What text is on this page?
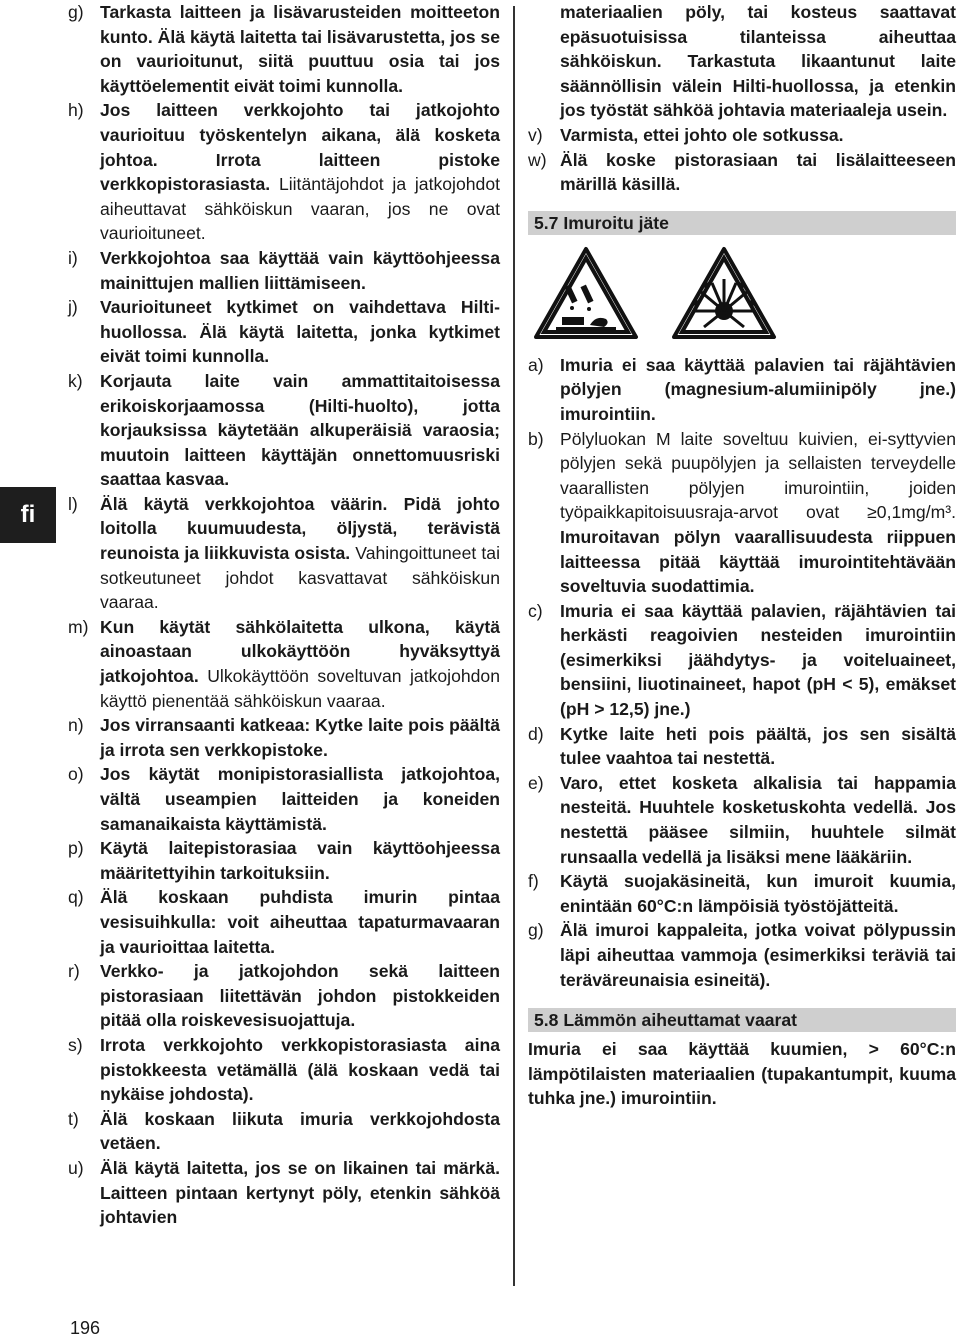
fi
g) Tarkasta laitteen ja lisävarusteiden moitteeton kunto. Älä käytä laitetta tai lisävarustetta, jos se on vaurioitunut, siitä puuttuu osia tai jos käyttöelementit eivät toimi kunnolla.
h) Jos laitteen verkkojohto tai jatkojohto vaurioituu työskentelyn aikana, älä kosketa johtoa. Irrota laitteen pistoke verkkopistorasiasta. Liitäntäjohdot ja jatkojohdot aiheuttavat sähköiskun vaaran, jos ne ovat vaurioituneet.
i)	Verkkojohtoa saa käyttää vain käyttöohjeessa mainittujen mallien liittämiseen.
j)	Vaurioituneet kytkimet on vaihdettava Hilti-huollossa. Älä käytä laitetta, jonka kytkimet eivät toimi kunnolla.
k) Korjauta laite vain ammattitaitoisessa erikoiskorjaamossa (Hilti-huolto), jotta korjauksissa käytetään alkuperäisiä varaosia; muutoin laitteen käyttäjän onnettomuusriski saattaa kasvaa.
l)	Älä käytä verkkojohtoa väärin. Pidä johto loitolla kuumuudesta, öljystä, terävistä reunoista ja liikkuvista osista. Vahingoittuneet tai sotkeutuneet johdot kasvattavat sähköiskun vaaraa.
m) Kun käytät sähkölaitetta ulkona, käytä ainoastaan ulkokäyttöön hyväksyttyä jatkojohtoa. Ulkokäyttöön soveltuvan jatkojohdon käyttö pienentää sähköiskun vaaraa.
n) Jos virransaanti katkeaa: Kytke laite pois päältä ja irrota sen verkkopistoke.
o) Jos käytät monipistorasiallista jatkojohtoa, vältä useampien laitteiden ja koneiden samanaikaista käyttämistä.
p) Käytä laitepistorasiaa vain käyttöohjeessa määritettyihin tarkoituksiin.
q) Älä koskaan puhdista imurin pintaa vesisuihkulla: voit aiheuttaa tapaturmavaaran ja vaurioittaa laitetta.
r)	Verkko- ja jatkojohdon sekä laitteen pistorasiaan liitettävän johdon pistokkeiden pitää olla roiskevesisuojattuja.
s) Irrota verkkojohto verkkopistorasiasta aina pistokkeesta vetämällä (älä koskaan vedä tai nykäise johdosta).
t)	Älä koskaan liikuta imuria verkkojohdosta vetäen.
u) Älä käytä laitetta, jos se on likainen tai märkä. Laitteen pintaan kertynyt pöly, etenkin sähköä johtavien
materiaalien pöly, tai kosteus saattavat epäsuotuisissa tilanteissa aiheuttaa sähköiskun. Tarkastuta likaantunut laite säännöllisin välein Hilti-huollossa, ja etenkin jos työstät sähköä johtavia materiaaleja usein.
v) Varmista, ettei johto ole sotkussa.
w) Älä koske pistorasiaan tai lisälaitteeseen märillä käsillä.
5.7 Imuroitu jäte
a) Imuria ei saa käyttää palavien tai räjähtävien pölyjen (magnesium-alumiinipöly jne.) imurointiin.
b) Pölyluokan M laite soveltuu kuivien, ei-syttyvien pölyjen sekä puupölyjen ja sellaisten terveydelle vaarallisten pölyjen imurointiin, joiden työpaikkapitoisuusraja-arvot ovat ≥0,1mg/m³. Imuroitavan pölyn vaarallisuudesta riippuen laitteessa pitää käyttää imurointitehtävään soveltuvia suodattimia.
c) Imuria ei saa käyttää palavien, räjähtävien tai herkästi reagoivien nesteiden imurointiin (esimerkiksi jäähdytys- ja voiteluaineet, bensiini, liuotinaineet, hapot (pH < 5), emäkset (pH > 12,5) jne.)
d) Kytke laite heti pois päältä, jos sen sisältä tulee vaahtoa tai nestettä.
e) Varo, ettet kosketa alkalisia tai happamia nesteitä. Huuhtele kosketuskohta vedellä. Jos nestettä pääsee silmiin, huuhtele silmät runsaalla vedellä ja lisäksi mene lääkäriin.
f)	Käytä suojakäsineitä, kun imuroit kuumia, enintään 60°C:n lämpöisiä työstöjätteitä.
g) Älä imuroi kappaleita, jotka voivat pölypussin läpi aiheuttaa vammoja (esimerkiksi teräviä tai teräväreunaisia esineitä).
5.8 Lämmön aiheuttamat vaarat
Imuria ei saa käyttää kuumien, > 60°C:n lämpötilaisten materiaalien (tupakantumpit, kuuma tuhka jne.) imurointiin.
196
